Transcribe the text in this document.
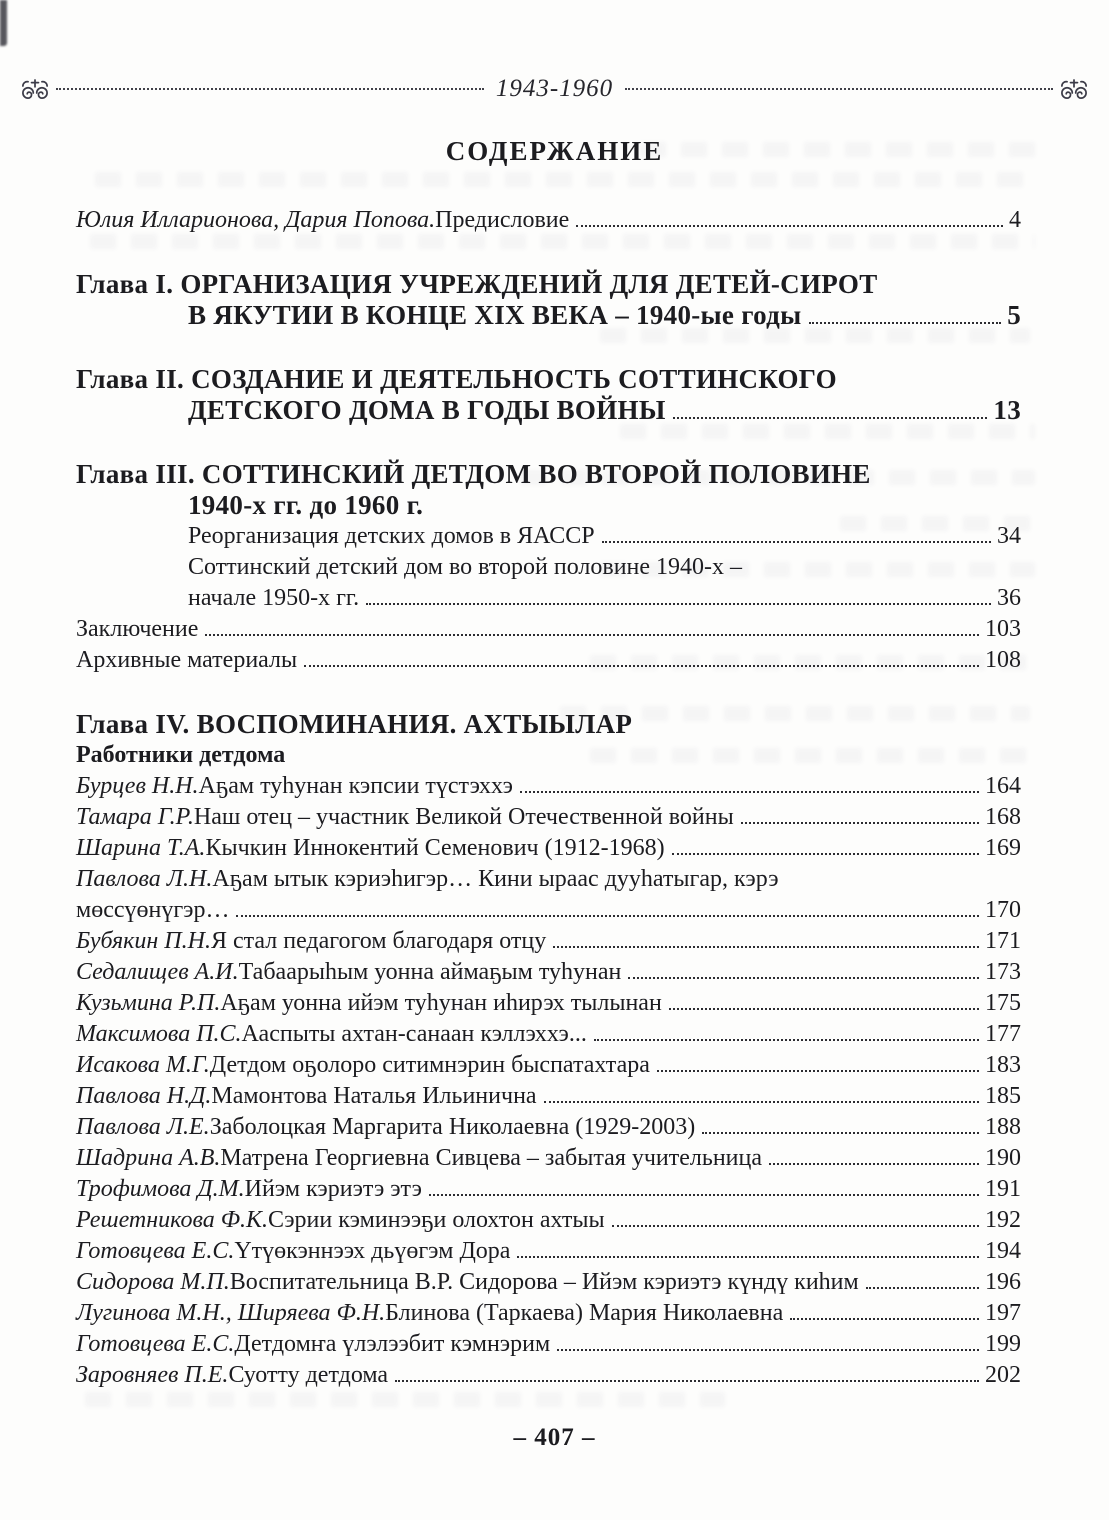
1943-1960
СОДЕРЖАНИЕ
Юлия Илларионова, Дария Попова. Предисловие	4
Глава I. ОРГАНИЗАЦИЯ УЧРЕЖДЕНИЙ ДЛЯ ДЕТЕЙ-СИРОТ
В ЯКУТИИ В КОНЦЕ XIX ВЕКА – 1940-ые годы	5
Глава II. СОЗДАНИЕ И ДЕЯТЕЛЬНОСТЬ СОТТИНСКОГО
ДЕТСКОГО ДОМА В ГОДЫ ВОЙНЫ	13
Глава III. СОТТИНСКИЙ ДЕТДОМ ВО ВТОРОЙ ПОЛОВИНЕ
1940-х гг. до 1960 г.
Реорганизация детских домов в ЯАССР	34
Соттинский детский дом во второй половине 1940-х –
начале 1950-х гг.	36
Заключение	103
Архивные материалы	108
Глава IV. ВОСПОМИНАНИЯ. АХТЫЫЛАР
Работники детдома
Бурцев Н.Н. Аҕам туһунан кэпсии түстэххэ	164
Тамара Г.Р. Наш отец – участник Великой Отечественной войны	168
Шарина Т.А. Кычкин Иннокентий Семенович (1912-1968)	169
Павлова Л.Н. Аҕам ытык кэриэһигэр… Кини ыраас дууһатыгар, кэрэ
мөссүөнүгэр…	170
Бубякин П.Н. Я стал педагогом благодаря отцу	171
Седалищев А.И. Табаарыһым уонна аймаҕым туһунан	173
Кузьмина Р.П. Аҕам уонна ийэм туһунан иһирэх тылынан	175
Максимова П.С. Ааспыты ахтан-санаан кэллэххэ...	177
Исакова М.Г. Детдом оҕолоро ситимнэрин быспатахтара	183
Павлова Н.Д. Мамонтова Наталья Ильинична	185
Павлова Л.Е. Заболоцкая Маргарита Николаевна (1929-2003)	188
Шадрина А.В. Матрена Георгиевна Сивцева – забытая учительница	190
Трофимова Д.М. Ийэм кэриэтэ этэ	191
Решетникова Ф.К. Сэрии кэминээҕи олохтон ахтыы	192
Готовцева Е.С. Үтүөкэннээх дьүөгэм Дора	194
Сидорова М.П. Воспитательница В.Р. Сидорова – Ийэм кэриэтэ күндү киһим	196
Лугинова М.Н., Ширяева Ф.Н. Блинова (Таркаева) Мария Николаевна	197
Готовцева Е.С. Детдомҥа үлэлээбит кэмнэрим	199
Заровняев П.Е. Суотту детдома	202
– 407 –
